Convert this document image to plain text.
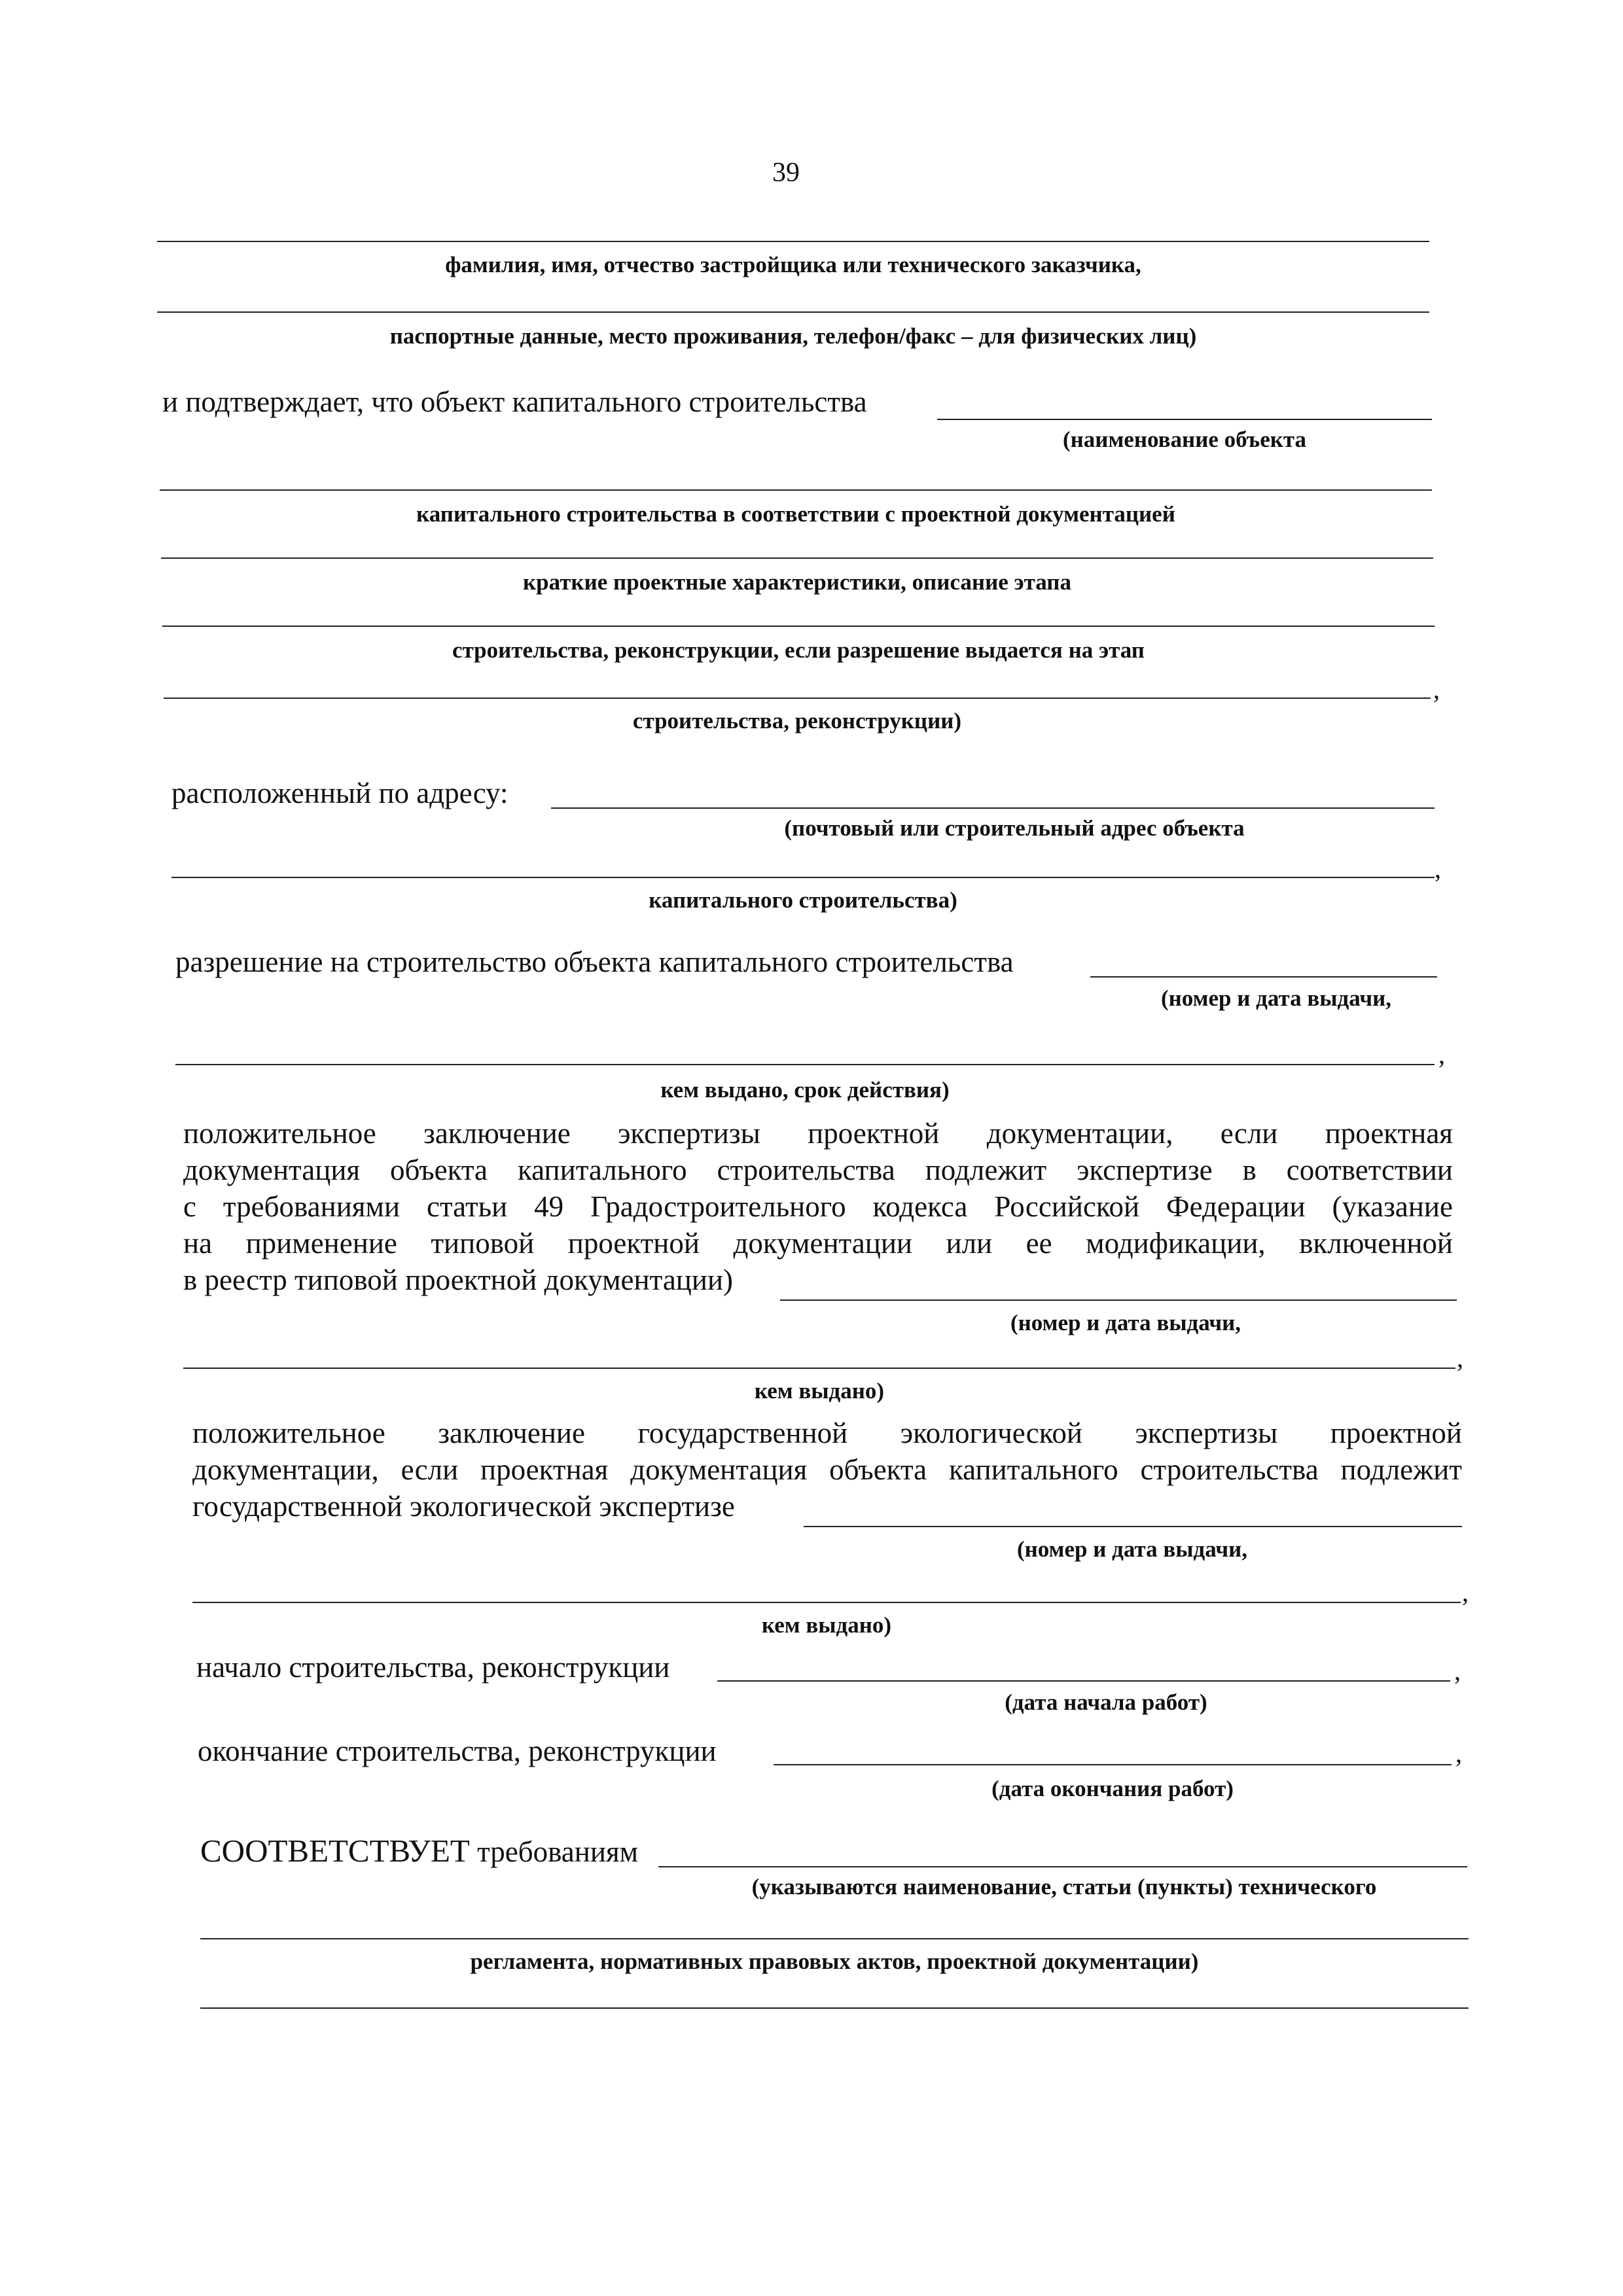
39
фамилия, имя, отчество застройщика или технического заказчика,
паспортные данные, место проживания, телефон/факс – для физических лиц)
и подтверждает, что объект капитального строительства
(наименование объекта
капитального строительства в соответствии с проектной документацией
краткие проектные характеристики, описание этапа
строительства, реконструкции, если разрешение выдается на этап
,
строительства, реконструкции)
расположенный по адресу:
(почтовый или строительный адрес объекта
,
капитального строительства)
разрешение на строительство объекта капитального строительства
(номер и дата выдачи,
,
кем выдано, срок действия)
положительное заключение экспертизы проектной документации, если проектная
документация объекта капитального строительства подлежит экспертизе в соответствии
с требованиями статьи 49 Градостроительного кодекса Российской Федерации (указание
на применение типовой проектной документации или ее модификации, включенной
в реестр типовой проектной документации)
(номер и дата выдачи,
,
кем выдано)
положительное заключение государственной экологической экспертизы проектной
документации, если проектная документация объекта капитального строительства подлежит
государственной экологической экспертизе
(номер и дата выдачи,
,
кем выдано)
начало строительства, реконструкции	,
(дата начала работ)
окончание строительства, реконструкции	,
(дата окончания работ)
СООТВЕТСТВУЕТ требованиям
(указываются наименование, статьи (пункты) технического
регламента, нормативных правовых актов, проектной документации)
